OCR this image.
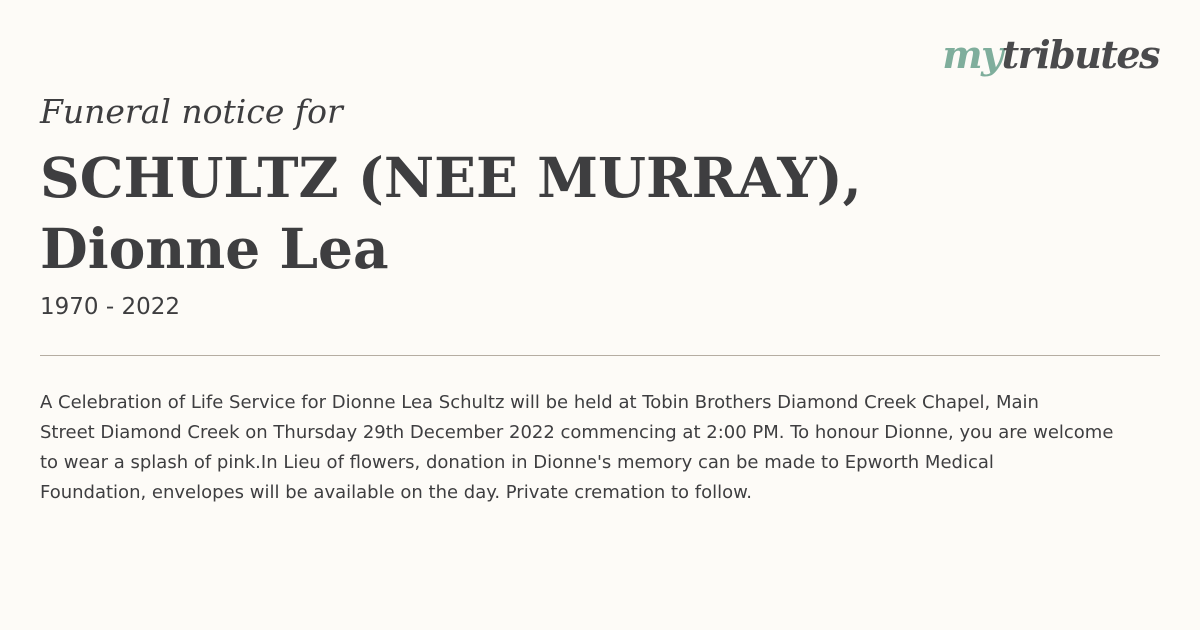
mytributes
Funeral notice for
SCHULTZ (NEE MURRAY),
Dionne Lea
1970 - 2022
A Celebration of Life Service for Dionne Lea Schultz will be held at Tobin Brothers Diamond Creek Chapel, Main
Street Diamond Creek on Thursday 29th December 2022 commencing at 2:00 PM. To honour Dionne, you are welcome
to wear a splash of pink.In Lieu of flowers, donation in Dionne's memory can be made to Epworth Medical
Foundation, envelopes will be available on the day. Private cremation to follow.
